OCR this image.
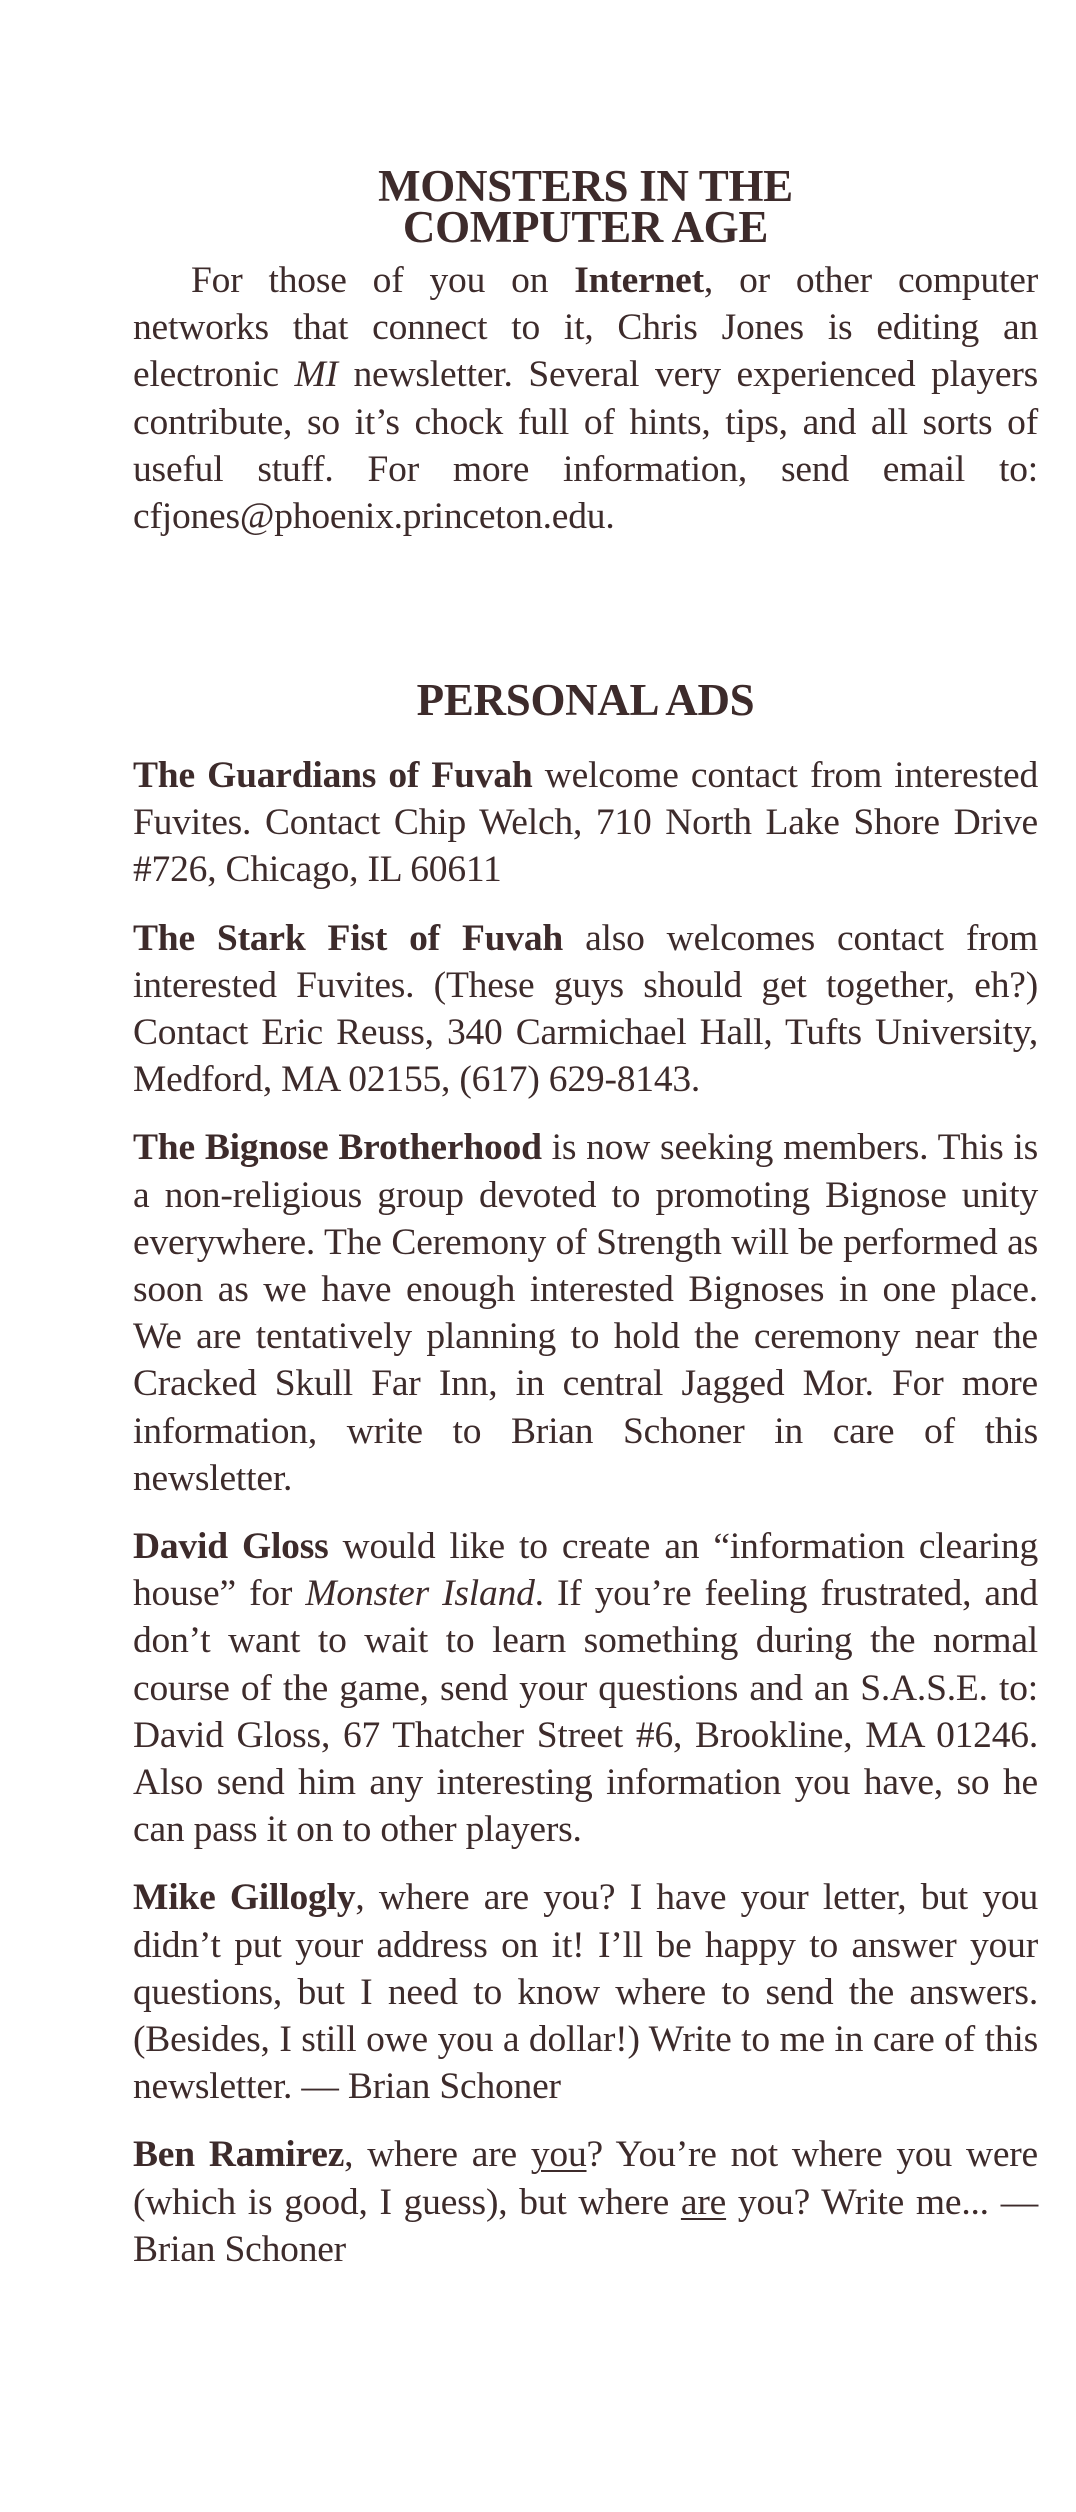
MONSTERS IN THE
COMPUTER AGE

For those of you on Internet, or other computer networks that connect to it, Chris Jones is editing an electronic MI newsletter. Several very experienced players contribute, so it’s chock full of hints, tips, and all sorts of useful stuff. For more information, send email to: cfjones@phoenix.princeton.edu.

PERSONAL ADS

The Guardians of Fuvah welcome contact from interested Fuvites. Contact Chip Welch, 710 North Lake Shore Drive #726, Chicago, IL 60611

The Stark Fist of Fuvah also welcomes contact from interested Fuvites. (These guys should get together, eh?) Contact Eric Reuss, 340 Carmichael Hall, Tufts University, Medford, MA 02155, (617) 629-8143.

The Bignose Brotherhood is now seeking members. This is a non-religious group devoted to promoting Bignose unity everywhere. The Ceremony of Strength will be performed as soon as we have enough interested Bignoses in one place. We are tentatively planning to hold the ceremony near the Cracked Skull Far Inn, in central Jagged Mor. For more information, write to Brian Schoner in care of this newsletter.

David Gloss would like to create an “information clearing house” for Monster Island. If you’re feeling frustrated, and don’t want to wait to learn something during the normal course of the game, send your questions and an S.A.S.E. to: David Gloss, 67 Thatcher Street #6, Brookline, MA 01246. Also send him any interesting information you have, so he can pass it on to other players.

Mike Gillogly, where are you? I have your letter, but you didn’t put your address on it! I’ll be happy to answer your questions, but I need to know where to send the answers. (Besides, I still owe you a dollar!) Write to me in care of this newsletter. — Brian Schoner

Ben Ramirez, where are you? You’re not where you were (which is good, I guess), but where are you? Write me... — Brian Schoner
